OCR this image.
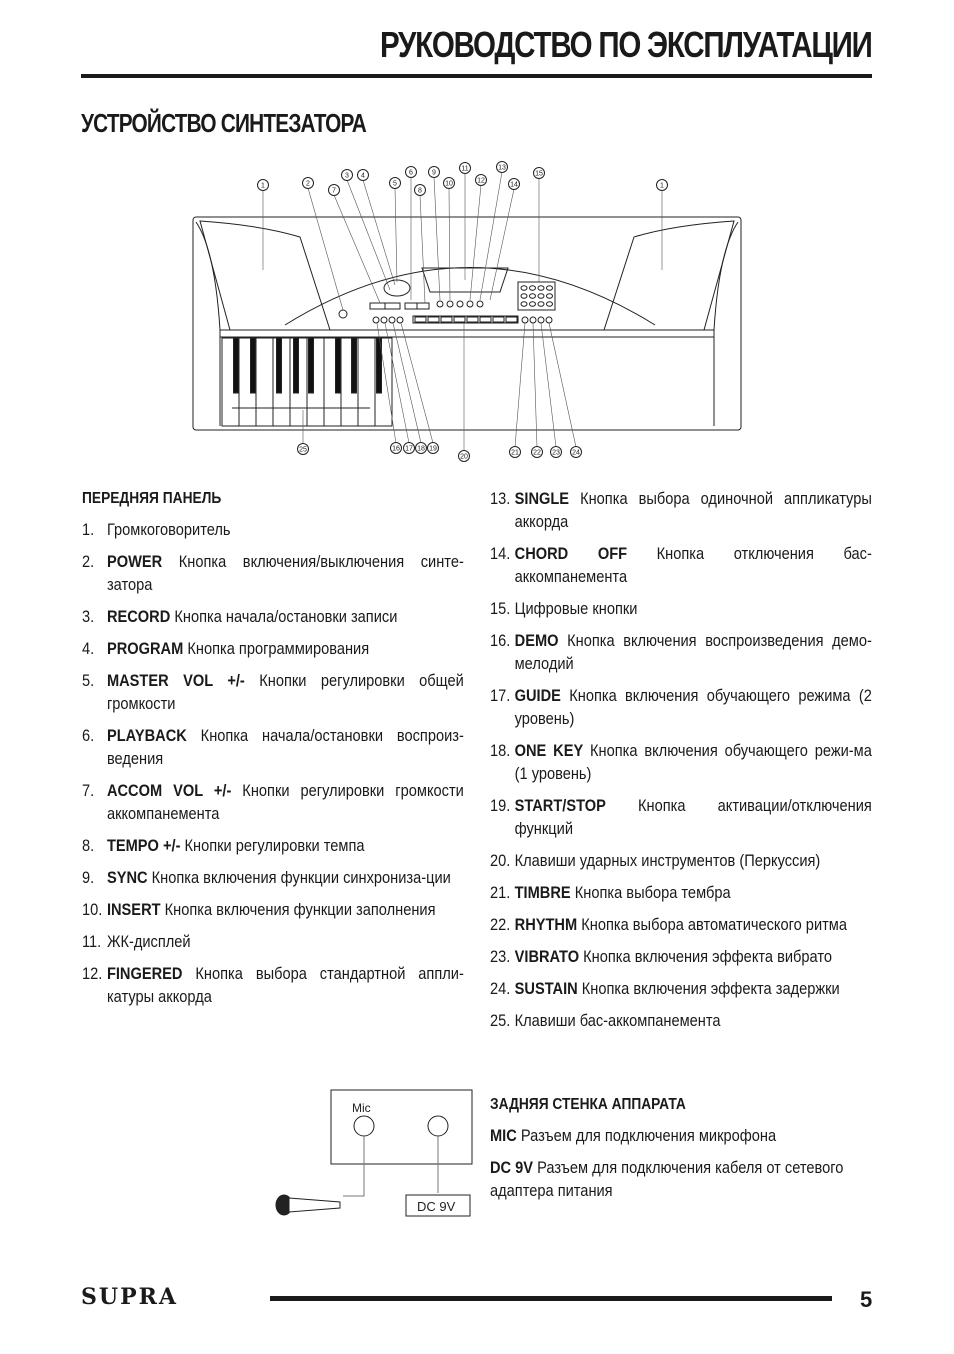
РУКОВОДСТВО ПО ЭКСПЛУАТАЦИИ
УСТРОЙСТВО СИНТЕЗАТОРА
1	2
7
3 4
5
6
8
9
10
11
12
13
14
15
1
25	16 17 18 19
20
21 22 23 24
Mic
DC 9V
ПЕРЕДНЯЯ ПАНЕЛЬ
1. Громкоговоритель
2. POWER Кнопка включения/выключения синте-затора
3. RECORD Кнопка начала/остановки записи
4. PROGRAM Кнопка программирования
5. MASTER VOL +/- Кнопки регулировки общей громкости
6. PLAYBACK Кнопка начала/остановки воспроиз-ведения
7. ACCOM VOL +/- Кнопки регулировки громкости аккомпанемента
8. TEMPO +/- Кнопки регулировки темпа
9. SYNC Кнопка включения функции синхрониза-ции
10. INSERT Кнопка включения функции заполнения
11. ЖК-дисплей
12. FINGERED Кнопка выбора стандартной аппли-катуры аккорда
13. SINGLE Кнопка выбора одиночной аппликатуры аккорда
14. CHORD OFF Кнопка отключения бас-аккомпанемента
15. Цифровые кнопки
16. DEMO Кнопка включения воспроизведения демо-мелодий
17. GUIDE Кнопка включения обучающего режима (2 уровень)
18. ONE KEY Кнопка включения обучающего режи-ма (1 уровень)
19. START/STOP Кнопка активации/отключения функций
20. Клавиши ударных инструментов (Перкуссия)
21. TIMBRE Кнопка выбора тембра
22. RHYTHM Кнопка выбора автоматического ритма
23. VIBRATO Кнопка включения эффекта вибрато
24. SUSTAIN Кнопка включения эффекта задержки
25. Клавиши бас-аккомпанемента
ЗАДНЯЯ СТЕНКА АППАРАТА

MIC Разъем для подключения микрофона

DC 9V Разъем для подключения кабеля от сетевого адаптера питания

SUPRA	5
